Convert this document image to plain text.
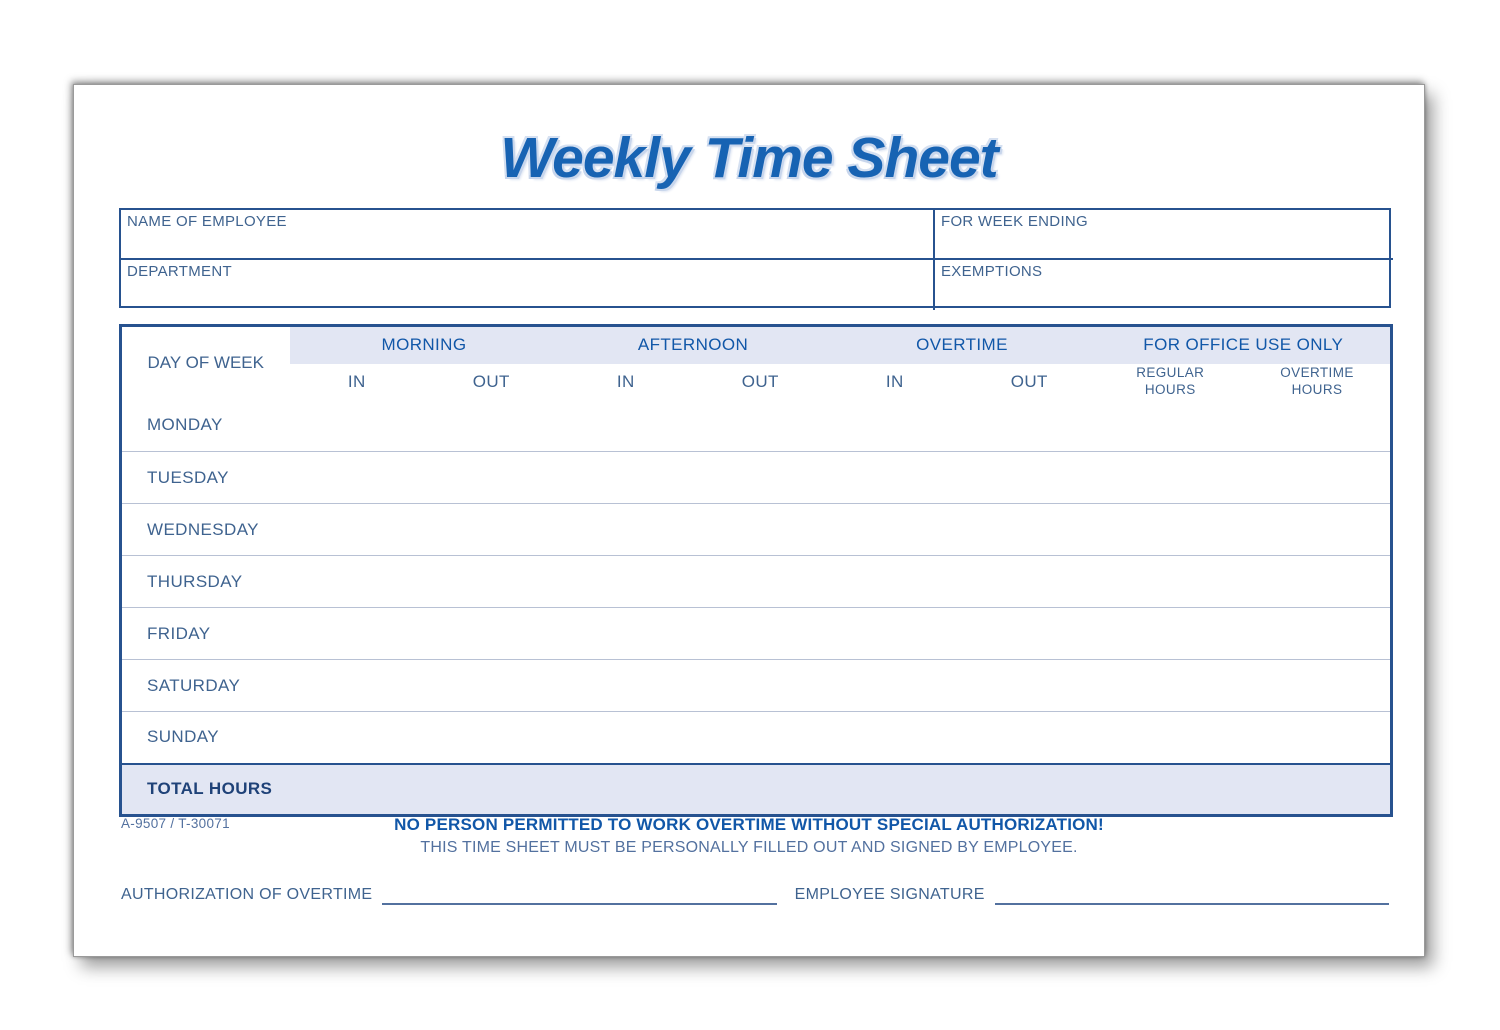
Weekly Time Sheet
NAME OF EMPLOYEE	FOR WEEK ENDING
DEPARTMENT	EXEMPTIONS
DAY OF WEEK	MORNING		AFTERNOON		OVERTIME		FOR OFFICE USE ONLY	
	IN	OUT	IN	OUT	IN	OUT	REGULAR HOURS	OVERTIME HOURS
MONDAY								
TUESDAY								
WEDNESDAY								
THURSDAY								
FRIDAY								
SATURDAY								
SUNDAY								
TOTAL HOURS								
A-9507 / T-30071	NO PERSON PERMITTED TO WORK OVERTIME WITHOUT SPECIAL AUTHORIZATION!
THIS TIME SHEET MUST BE PERSONALLY FILLED OUT AND SIGNED BY EMPLOYEE.
AUTHORIZATION OF OVERTIME	EMPLOYEE SIGNATURE
